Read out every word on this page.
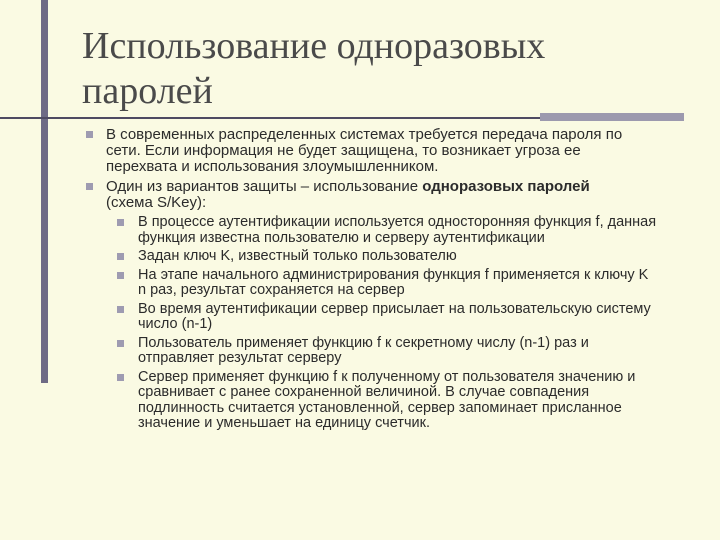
Использование одноразовых
паролей
В современных распределенных системах требуется передача пароля по
сети. Если информация не будет защищена, то возникает угроза ее
перехвата и использования злоумышленником.
Один из вариантов защиты – использование одноразовых паролей
(схема S/Key):
В процессе аутентификации используется односторонняя функция f, данная
функция известна пользователю и серверу аутентификации
Задан ключ K, известный только пользователю
На этапе начального администрирования функция f применяется к ключу K
n раз, результат сохраняется на сервер
Во время аутентификации сервер присылает на пользовательскую систему
число (n-1)
Пользователь применяет функцию f к секретному числу (n-1) раз и
отправляет результат серверу
Сервер применяет функцию f к полученному от пользователя значению и
сравнивает с ранее сохраненной величиной. В случае совпадения
подлинность считается установленной, сервер запоминает присланное
значение и уменьшает на единицу счетчик.
